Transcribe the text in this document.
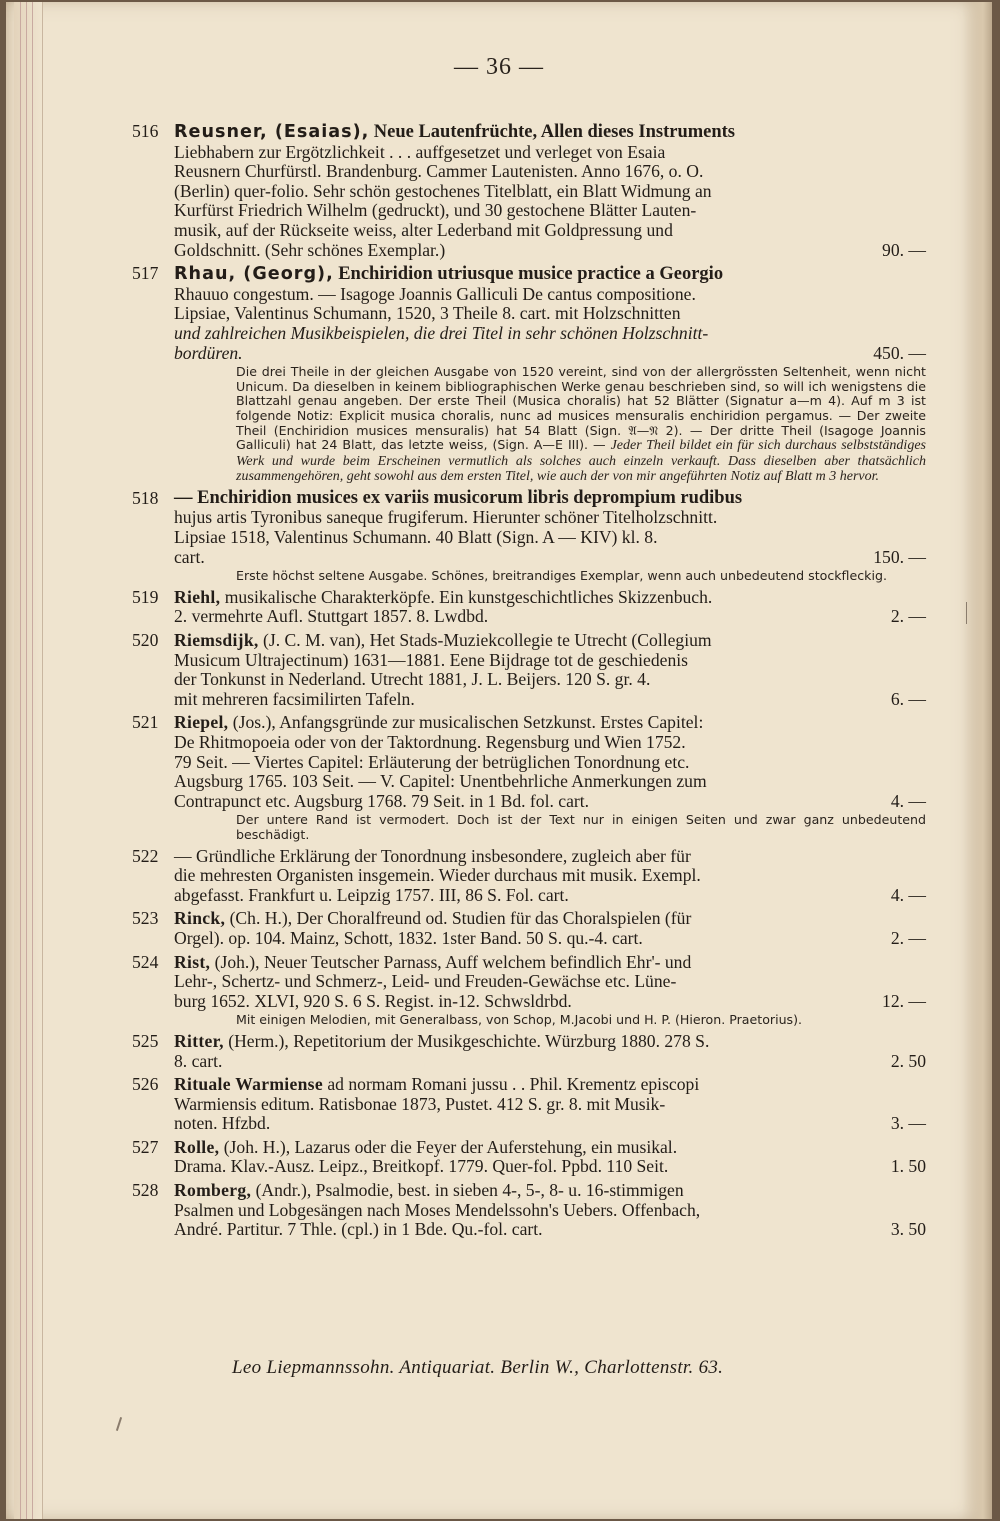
— 36 —
516 Reusner, (Esaias), Neue Lautenfrüchte, Allen dieses Instruments
Liebhabern zur Ergötzlichkeit . . . auffgesetzet und verleget von Esaia
Reusnern Churfürstl. Brandenburg. Cammer Lautenisten. Anno 1676, o. O.
(Berlin) quer-folio. Sehr schön gestochenes Titelblatt, ein Blatt Widmung an
Kurfürst Friedrich Wilhelm (gedruckt), und 30 gestochene Blätter Lauten-
musik, auf der Rückseite weiss, alter Lederband mit Goldpressung und
Goldschnitt. (Sehr schönes Exemplar.)	90. —
517 Rhau, (Georg), Enchiridion utriusque musice practice a Georgio
Rhauuo congestum. — Isagoge Joannis Galliculi De cantus compositione.
Lipsiae, Valentinus Schumann, 1520, 3 Theile 8. cart. mit Holzschnitten
und zahlreichen Musikbeispielen, die drei Titel in sehr schönen Holzschnitt-
bordüren.	450. —
Die drei Theile in der gleichen Ausgabe von 1520 vereint, sind von der allergrössten Seltenheit, wenn nicht Unicum. Da dieselben in keinem bibliographischen Werke genau beschrieben sind, so will ich wenigstens die Blattzahl genau angeben. Der erste Theil (Musica choralis) hat 52 Blätter (Signatur a—m 4). Auf m 3 ist folgende Notiz: Explicit musica choralis, nunc ad musices mensuralis enchiridion pergamus. — Der zweite Theil (Enchiridion musices mensuralis) hat 54 Blatt (Sign. 𝔄—𝔑 2). — Der dritte Theil (Isagoge Joannis Galliculi) hat 24 Blatt, das letzte weiss, (Sign. A—E III). — Jeder Theil bildet ein für sich durchaus selbstständiges Werk und wurde beim Erscheinen vermutlich als solches auch einzeln verkauft. Dass dieselben aber thatsächlich zusammengehören, geht sowohl aus dem ersten Titel, wie auch der von mir angeführten Notiz auf Blatt m 3 hervor.
518 — Enchiridion musices ex variis musicorum libris deprompium rudibus
hujus artis Tyronibus saneque frugiferum. Hierunter schöner Titelholzschnitt.
Lipsiae 1518, Valentinus Schumann. 40 Blatt (Sign. A — KIV) kl. 8.
cart.	150. —
Erste höchst seltene Ausgabe. Schönes, breitrandiges Exemplar, wenn auch unbedeutend stockfleckig.
519 Riehl, musikalische Charakterköpfe. Ein kunstgeschichtliches Skizzenbuch.
2. vermehrte Aufl. Stuttgart 1857. 8. Lwdbd.	2. —
520 Riemsdijk, (J. C. M. van), Het Stads-Muziekcollegie te Utrecht (Collegium
Musicum Ultrajectinum) 1631—1881. Eene Bijdrage tot de geschiedenis
der Tonkunst in Nederland. Utrecht 1881, J. L. Beijers. 120 S. gr. 4.
mit mehreren facsimilirten Tafeln.	6. —
521 Riepel, (Jos.), Anfangsgründe zur musicalischen Setzkunst. Erstes Capitel:
De Rhitmopoeia oder von der Taktordnung. Regensburg und Wien 1752.
79 Seit. — Viertes Capitel: Erläuterung der betrüglichen Tonordnung etc.
Augsburg 1765. 103 Seit. — V. Capitel: Unentbehrliche Anmerkungen zum
Contrapunct etc. Augsburg 1768. 79 Seit. in 1 Bd. fol. cart.	4. —
Der untere Rand ist vermodert. Doch ist der Text nur in einigen Seiten und zwar ganz unbedeutend beschädigt.
522 — Gründliche Erklärung der Tonordnung insbesondere, zugleich aber für
die mehresten Organisten insgemein. Wieder durchaus mit musik. Exempl.
abgefasst. Frankfurt u. Leipzig 1757. III, 86 S. Fol. cart.	4. —
523 Rinck, (Ch. H.), Der Choralfreund od. Studien für das Choralspielen (für
Orgel). op. 104. Mainz, Schott, 1832. 1ster Band. 50 S. qu.-4. cart.	2. —
524 Rist, (Joh.), Neuer Teutscher Parnass, Auff welchem befindlich Ehr'- und
Lehr-, Schertz- und Schmerz-, Leid- und Freuden-Gewächse etc. Lüne-
burg 1652. XLVI, 920 S. 6 S. Regist. in-12. Schwsldrbd.	12. —
Mit einigen Melodien, mit Generalbass, von Schop, M.Jacobi und H. P. (Hieron. Praetorius).
525 Ritter, (Herm.), Repetitorium der Musikgeschichte. Würzburg 1880. 278 S.
8. cart.	2. 50
526 Rituale Warmiense ad normam Romani jussu . . Phil. Krementz episcopi
Warmiensis editum. Ratisbonae 1873, Pustet. 412 S. gr. 8. mit Musik-
noten. Hfzbd.	3. —
527 Rolle, (Joh. H.), Lazarus oder die Feyer der Auferstehung, ein musikal.
Drama. Klav.-Ausz. Leipz., Breitkopf. 1779. Quer-fol. Ppbd. 110 Seit.	1. 50
528 Romberg, (Andr.), Psalmodie, best. in sieben 4-, 5-, 8- u. 16-stimmigen
Psalmen und Lobgesängen nach Moses Mendelssohn's Uebers. Offenbach,
André. Partitur. 7 Thle. (cpl.) in 1 Bde. Qu.-fol. cart.	3. 50
Leo Liepmannssohn. Antiquariat. Berlin W., Charlottenstr. 63.
